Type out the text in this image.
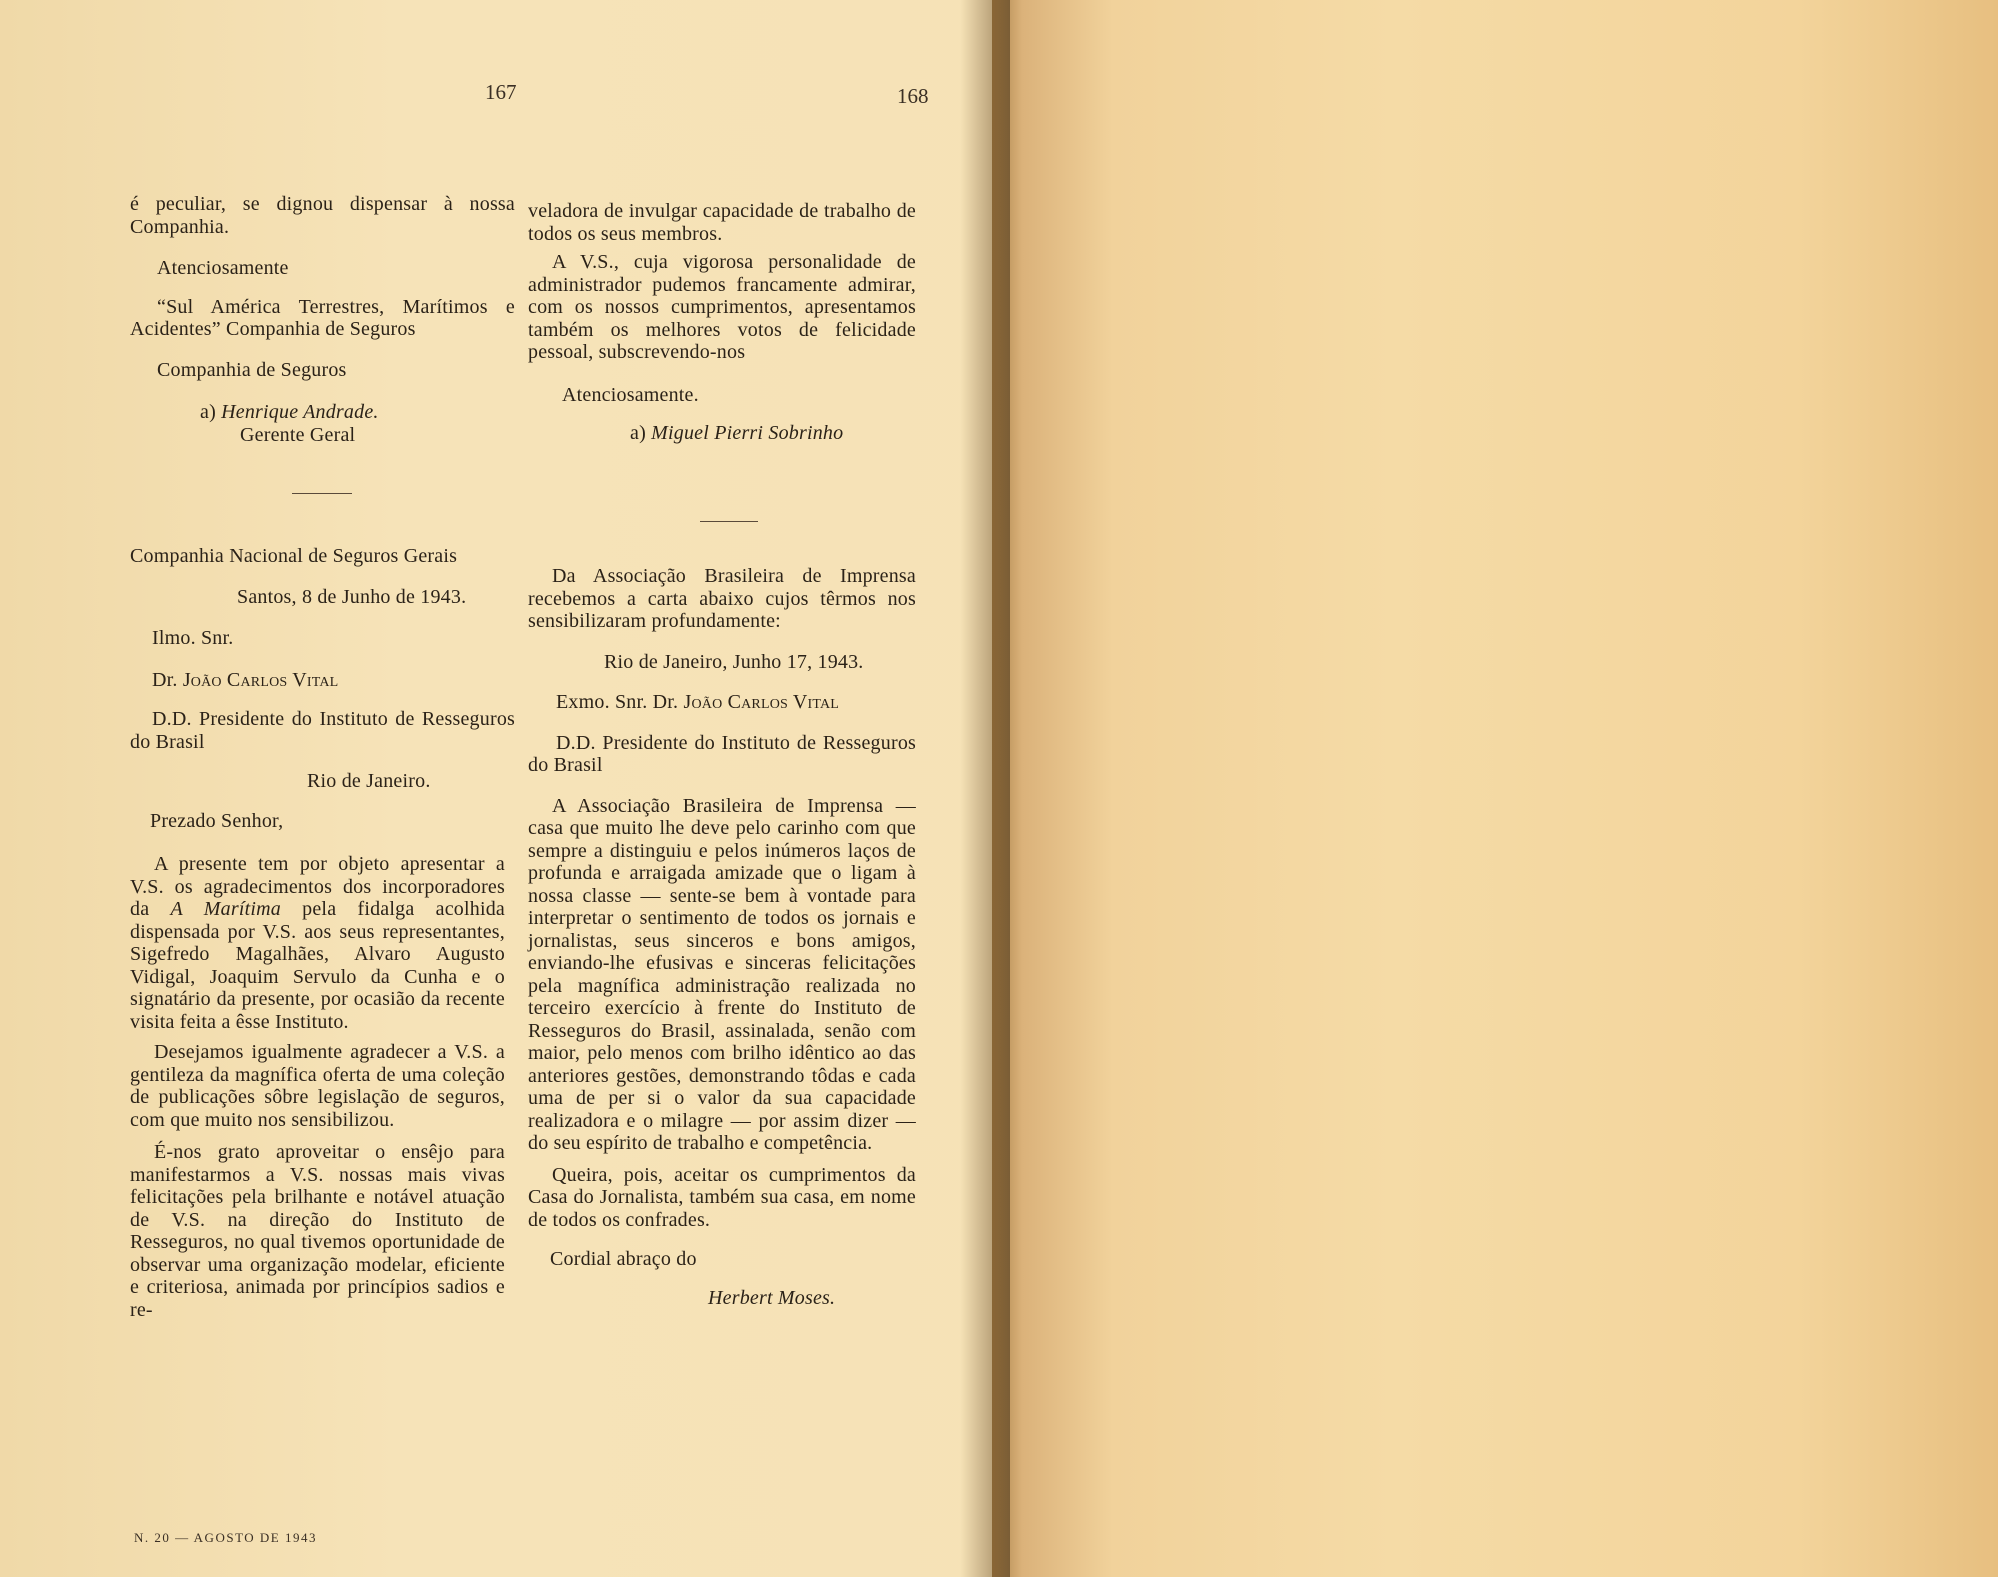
167	168

é peculiar, se dignou dispensar à nossa Companhia.

Atenciosamente

“Sul América Terrestres, Marítimos e Acidentes” Companhia de Seguros

Companhia de Seguros

a) Henrique Andrade.

Gerente Geral

Companhia Nacional de Seguros Gerais

Santos, 8 de Junho de 1943.

Ilmo. Snr.

Dr. João Carlos Vital

D.D. Presidente do Instituto de Resseguros do Brasil

Rio de Janeiro.

Prezado Senhor,

A presente tem por objeto apresentar a V.S. os agradecimentos dos incorporadores da A Marítima pela fidalga acolhida dispensada por V.S. aos seus representantes, Sigefredo Magalhães, Alvaro Augusto Vidigal, Joaquim Servulo da Cunha e o signatário da presente, por ocasião da recente visita feita a êsse Instituto.

Desejamos igualmente agradecer a V.S. a gentileza da magnífica oferta de uma coleção de publicações sôbre legislação de seguros, com que muito nos sensibilizou.

É-nos grato aproveitar o ensêjo para manifestarmos a V.S. nossas mais vivas felicitações pela brilhante e notável atuação de V.S. na direção do Instituto de Resseguros, no qual tivemos oportunidade de observar uma organização modelar, eficiente e criteriosa, animada por princípios sadios e re-

veladora de invulgar capacidade de trabalho de todos os seus membros.

A V.S., cuja vigorosa personalidade de administrador pudemos francamente admirar, com os nossos cumprimentos, apresentamos também os melhores votos de felicidade pessoal, subscrevendo-nos

Atenciosamente.

a) Miguel Pierri Sobrinho

Da Associação Brasileira de Imprensa recebemos a carta abaixo cujos têrmos nos sensibilizaram profundamente:

Rio de Janeiro, Junho 17, 1943.

Exmo. Snr. Dr. João Carlos Vital

D.D. Presidente do Instituto de Resseguros do Brasil

A Associação Brasileira de Imprensa — casa que muito lhe deve pelo carinho com que sempre a distinguiu e pelos inúmeros laços de profunda e arraigada amizade que o ligam à nossa classe — sente-se bem à vontade para interpretar o sentimento de todos os jornais e jornalistas, seus sinceros e bons amigos, enviando-lhe efusivas e sinceras felicitações pela magnífica administração realizada no terceiro exercício à frente do Instituto de Resseguros do Brasil, assinalada, senão com maior, pelo menos com brilho idêntico ao das anteriores gestões, demonstrando tôdas e cada uma de per si o valor da sua capacidade realizadora e o milagre — por assim dizer — do seu espírito de trabalho e competência.

Queira, pois, aceitar os cumprimentos da Casa do Jornalista, também sua casa, em nome de todos os confrades.

Cordial abraço do

Herbert Moses.

N. 20 — AGOSTO DE 1943
